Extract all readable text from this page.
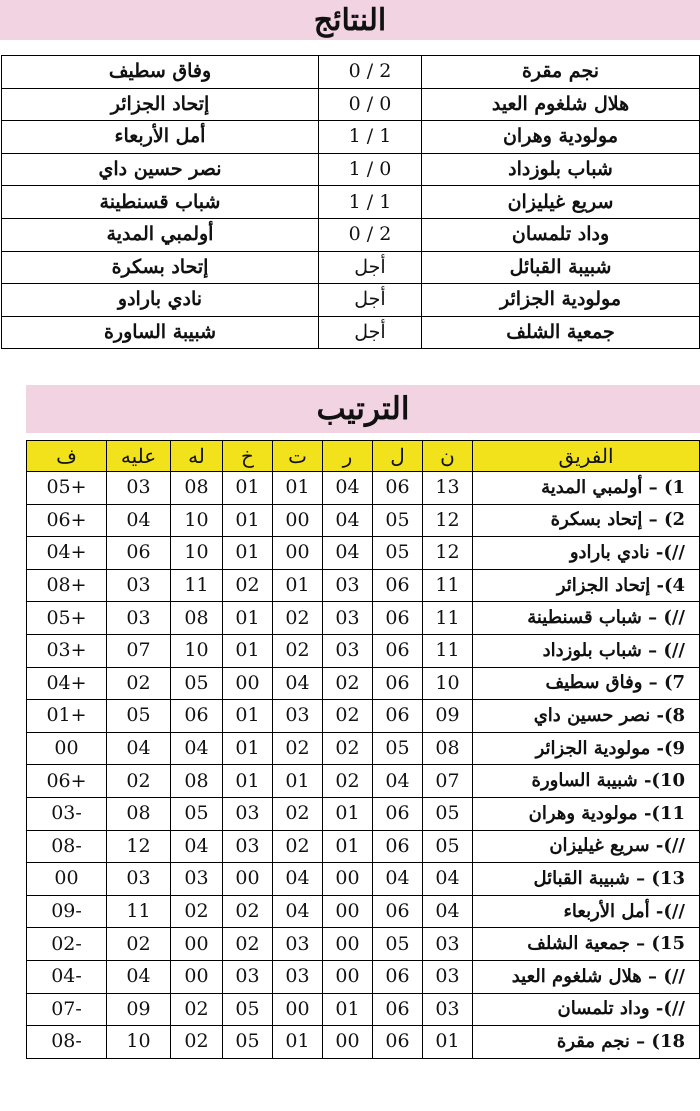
النتائج
نجم مقرة	2 / 0	وفاق سطيف
هلال شلغوم العيد	0 / 0	إتحاد الجزائر
مولودية وهران	1 / 1	أمل الأربعاء
شباب بلوزداد	0 / 1	نصر حسين داي
سريع غيليزان	1 / 1	شباب قسنطينة
وداد تلمسان	2 / 0	أولمبي المدية
شبيبة القبائل	أجل	إتحاد بسكرة
مولودية الجزائر	أجل	نادي بارادو
جمعية الشلف	أجل	شبيبة الساورة
الترتيب
الفريق	ن	ل	ر	ت	خ	له	عليه	ف
1) – أولمبي المدية	13	06	04	01	01	08	03	+05
2) – إتحاد بسكرة	12	05	04	00	01	10	04	+06
//)- نادي بارادو	12	05	04	00	01	10	06	+04
4)- إتحاد الجزائر	11	06	03	01	02	11	03	+08
//) – شباب قسنطينة	11	06	03	02	01	08	03	+05
//) – شباب بلوزداد	11	06	03	02	01	10	07	+03
7) – وفاق سطيف	10	06	02	04	00	05	02	+04
8)- نصر حسين داي	09	06	02	03	01	06	05	+01
9)- مولودية الجزائر	08	05	02	02	01	04	04	00
10)- شبيبة الساورة	07	04	02	01	01	08	02	+06
11)- مولودية وهران	05	06	01	02	03	05	08	-03
//)- سريع غيليزان	05	06	01	02	03	04	12	-08
13) – شبيبة القبائل	04	04	00	04	00	03	03	00
//)- أمل الأربعاء	04	06	00	04	02	02	11	-09
15) – جمعية الشلف	03	05	00	03	02	00	02	-02
//) – هلال شلغوم العيد	03	06	00	03	03	00	04	-04
//)- وداد تلمسان	03	06	01	00	05	02	09	-07
18) – نجم مقرة	01	06	00	01	05	02	10	-08
